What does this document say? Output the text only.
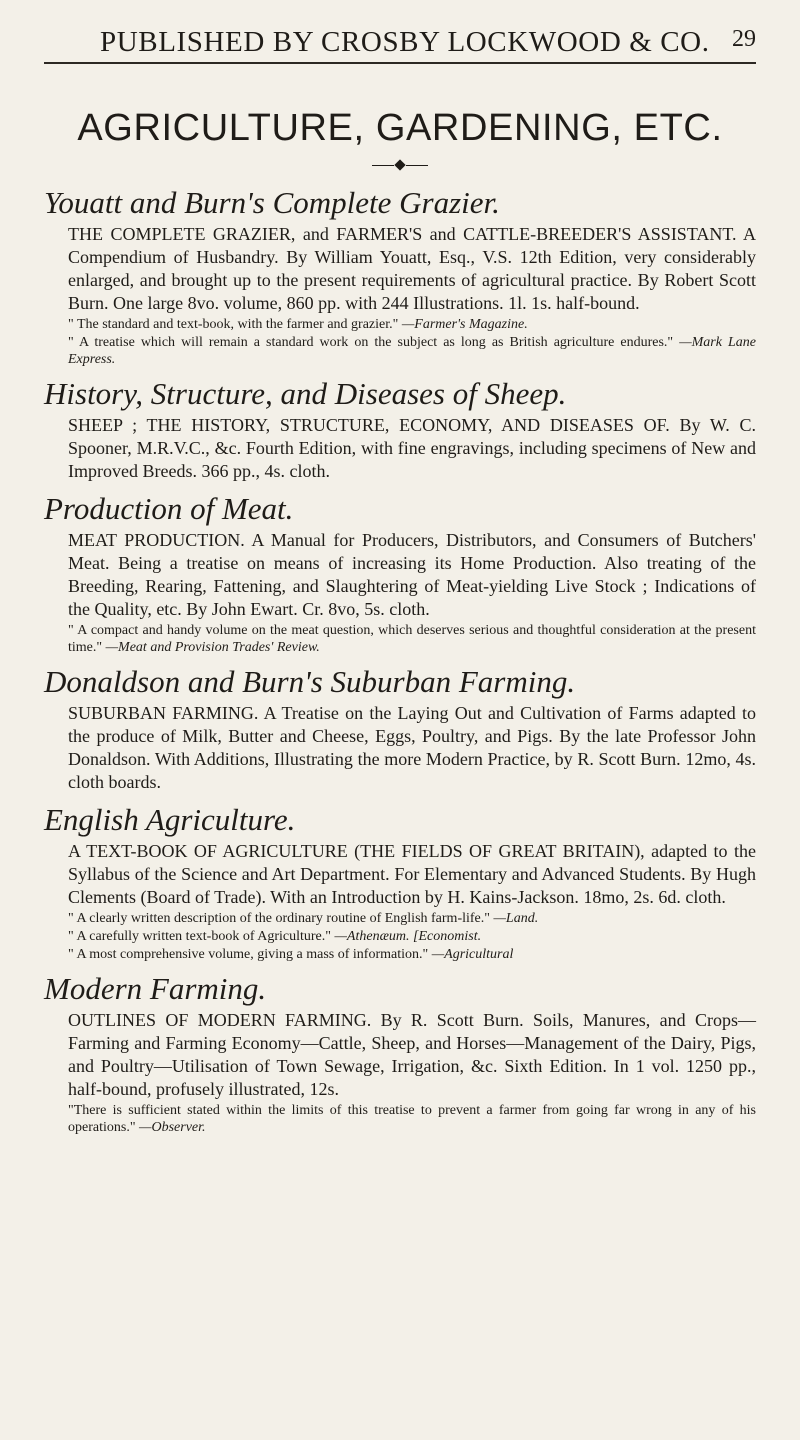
PUBLISHED BY CROSBY LOCKWOOD & CO. 29
AGRICULTURE, GARDENING, ETC.
Youatt and Burn's Complete Grazier.

THE COMPLETE GRAZIER, and FARMER'S and CATTLE-BREEDER'S ASSISTANT. A Compendium of Husbandry. By William Youatt, Esq., V.S. 12th Edition, very considerably enlarged, and brought up to the present requirements of agricultural practice. By Robert Scott Burn. One large 8vo. volume, 860 pp. with 244 Illustrations. 1l. 1s. half-bound.

" The standard and text-book, with the farmer and grazier." —Farmer's Magazine.
" A treatise which will remain a standard work on the subject as long as British agriculture endures." —Mark Lane Express.
History, Structure, and Diseases of Sheep.

SHEEP ; THE HISTORY, STRUCTURE, ECONOMY, AND DISEASES OF. By W. C. Spooner, M.R.V.C., &c. Fourth Edition, with fine engravings, including specimens of New and Improved Breeds. 366 pp., 4s. cloth.

Production of Meat.

MEAT PRODUCTION. A Manual for Producers, Distributors, and Consumers of Butchers' Meat. Being a treatise on means of increasing its Home Production. Also treating of the Breeding, Rearing, Fattening, and Slaughtering of Meat-yielding Live Stock ; Indications of the Quality, etc. By John Ewart. Cr. 8vo, 5s. cloth.

" A compact and handy volume on the meat question, which deserves serious and thoughtful consideration at the present time." —Meat and Provision Trades' Review.
Donaldson and Burn's Suburban Farming.

SUBURBAN FARMING. A Treatise on the Laying Out and Cultivation of Farms adapted to the produce of Milk, Butter and Cheese, Eggs, Poultry, and Pigs. By the late Professor John Donaldson. With Additions, Illustrating the more Modern Practice, by R. Scott Burn. 12mo, 4s. cloth boards.

English Agriculture.

A TEXT-BOOK OF AGRICULTURE (THE FIELDS OF GREAT BRITAIN), adapted to the Syllabus of the Science and Art Department. For Elementary and Advanced Students. By Hugh Clements (Board of Trade). With an Introduction by H. Kains-Jackson. 18mo, 2s. 6d. cloth.

" A clearly written description of the ordinary routine of English farm-life." —Land.
" A carefully written text-book of Agriculture." —Athenæum. [Economist.
" A most comprehensive volume, giving a mass of information." —Agricultural
Modern Farming.

OUTLINES OF MODERN FARMING. By R. Scott Burn. Soils, Manures, and Crops—Farming and Farming Economy—Cattle, Sheep, and Horses—Management of the Dairy, Pigs, and Poultry—Utilisation of Town Sewage, Irrigation, &c. Sixth Edition. In 1 vol. 1250 pp., half-bound, profusely illustrated, 12s.

"There is sufficient stated within the limits of this treatise to prevent a farmer from going far wrong in any of his operations." —Observer.
